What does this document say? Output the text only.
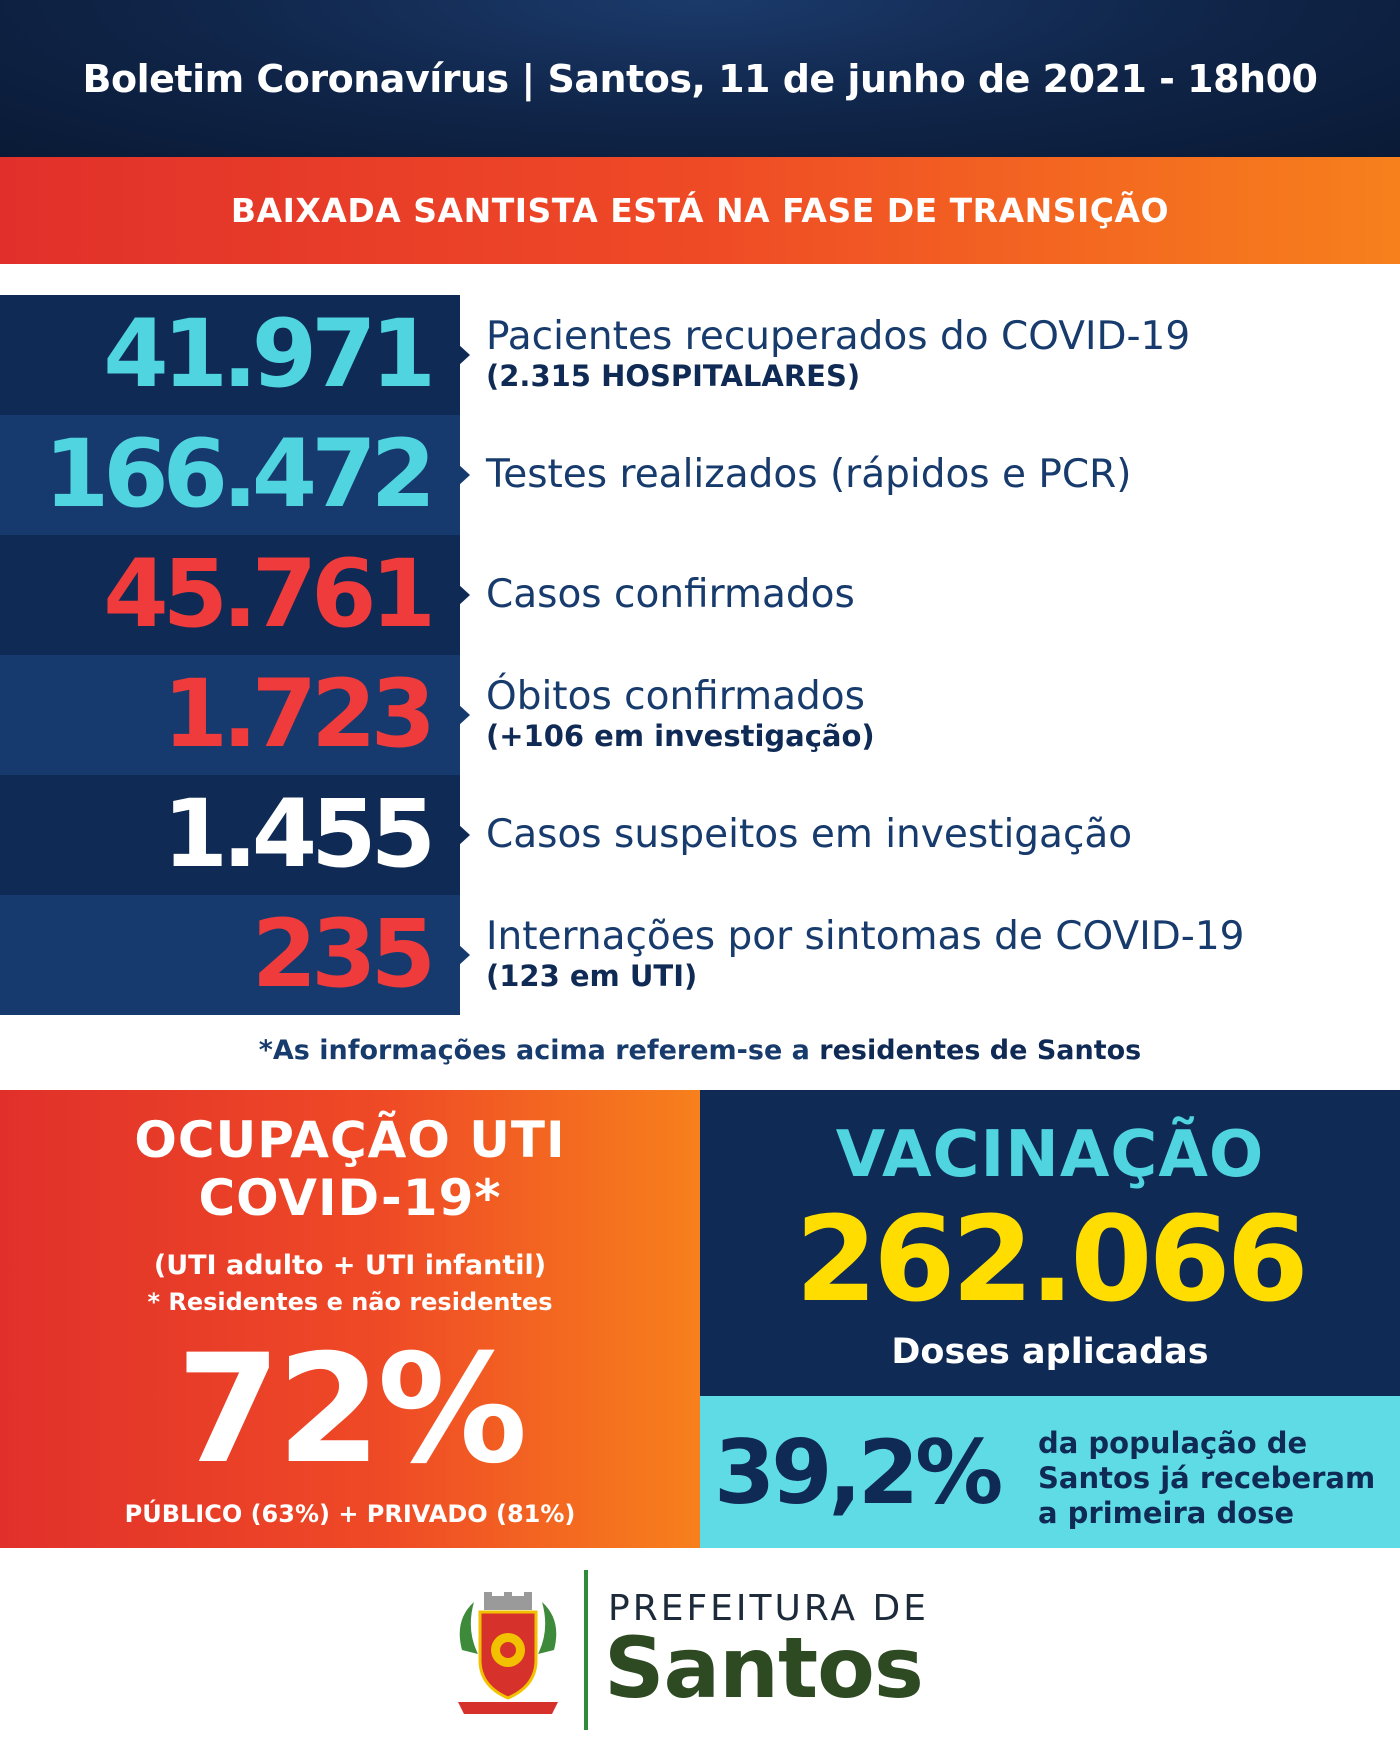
Boletim Coronavírus | Santos, 11 de junho de 2021 - 18h00
BAIXADA SANTISTA ESTÁ NA FASE DE TRANSIÇÃO
41.971 Pacientes recuperados do COVID-19
(2.315 HOSPITALARES)
166.472 Testes realizados (rápidos e PCR)
45.761 Casos confirmados
1.723 Óbitos confirmados
(+106 em investigação)
1.455 Casos suspeitos em investigação
235 Internações por sintomas de COVID-19
(123 em UTI)
*As informações acima referem-se a residentes de Santos
OCUPAÇÃO UTI
COVID-19*
(UTI adulto + UTI infantil)
* Residentes e não residentes
72%
PÚBLICO (63%) + PRIVADO (81%)
VACINAÇÃO
262.066
Doses aplicadas
39,2% da população de
Santos já receberam
a primeira dose
PREFEITURA DE
Santos
